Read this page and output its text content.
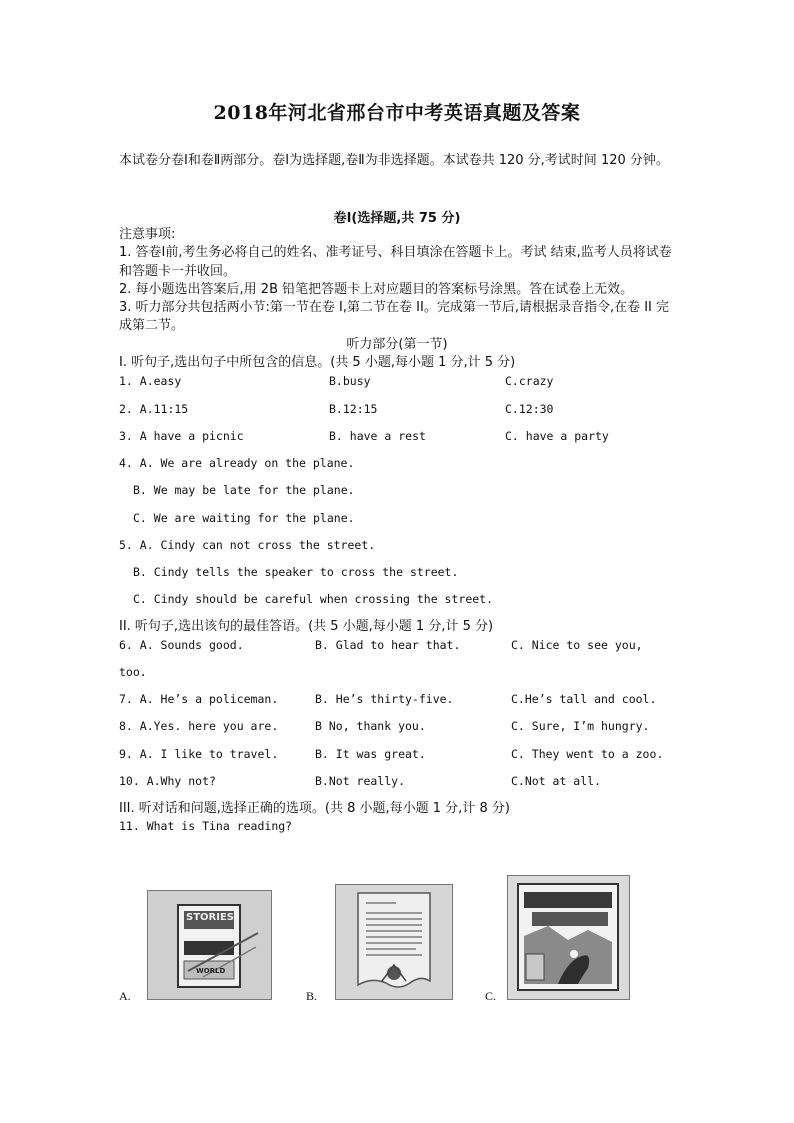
2018年河北省邢台市中考英语真题及答案
本试卷分卷Ⅰ和卷Ⅱ两部分。卷Ⅰ为选择题,卷Ⅱ为非选择题。本试卷共 120 分,考试时间 120 分钟。
卷Ⅰ(选择题,共 75 分)
注意事项:
1. 答卷Ⅰ前,考生务必将自己的姓名、准考证号、科目填涂在答题卡上。考试 结束,监考人员将试卷和答题卡一并收回。
2. 每小题选出答案后,用 2B 铅笔把答题卡上对应题目的答案标号涂黑。答在试卷上无效。
3. 听力部分共包括两小节:第一节在卷 I,第二节在卷 II。完成第一节后,请根据录音指令,在卷 II 完成第二节。
听力部分(第一节)
I. 听句子,选出句子中所包含的信息。(共 5 小题,每小题 1 分,计 5 分)
1. A.easy	B.busy	C.crazy
2. A.11:15	B.12:15	C.12:30
3. A have a picnic	B. have a rest	C. have a party
4. A. We are already on the plane.
B. We may be late for the plane.
C. We are waiting for the plane.
5. A. Cindy can not cross the street.
B. Cindy tells the speaker to cross the street.
C. Cindy should be careful when crossing the street.
II. 听句子,选出该句的最佳答语。(共 5 小题,每小题 1 分,计 5 分)
6. A. Sounds good.	B. Glad to hear that.	C. Nice to see you,
too.
7. A. He’s a policeman.	B. He’s thirty-five.	C.He’s tall and cool.
8. A.Yes. here you are.	B No, thank you.	C. Sure, I’m hungry.
9. A. I like to travel.	B. It was great.	C. They went to a zoo.
10. A.Why not?	B.Not really.	C.Not at all.
III. 听对话和问题,选择正确的选项。(共 8 小题,每小题 1 分,计 8 分)
11. What is Tina reading?
A.
STORIES
WORLD
B.	C.
